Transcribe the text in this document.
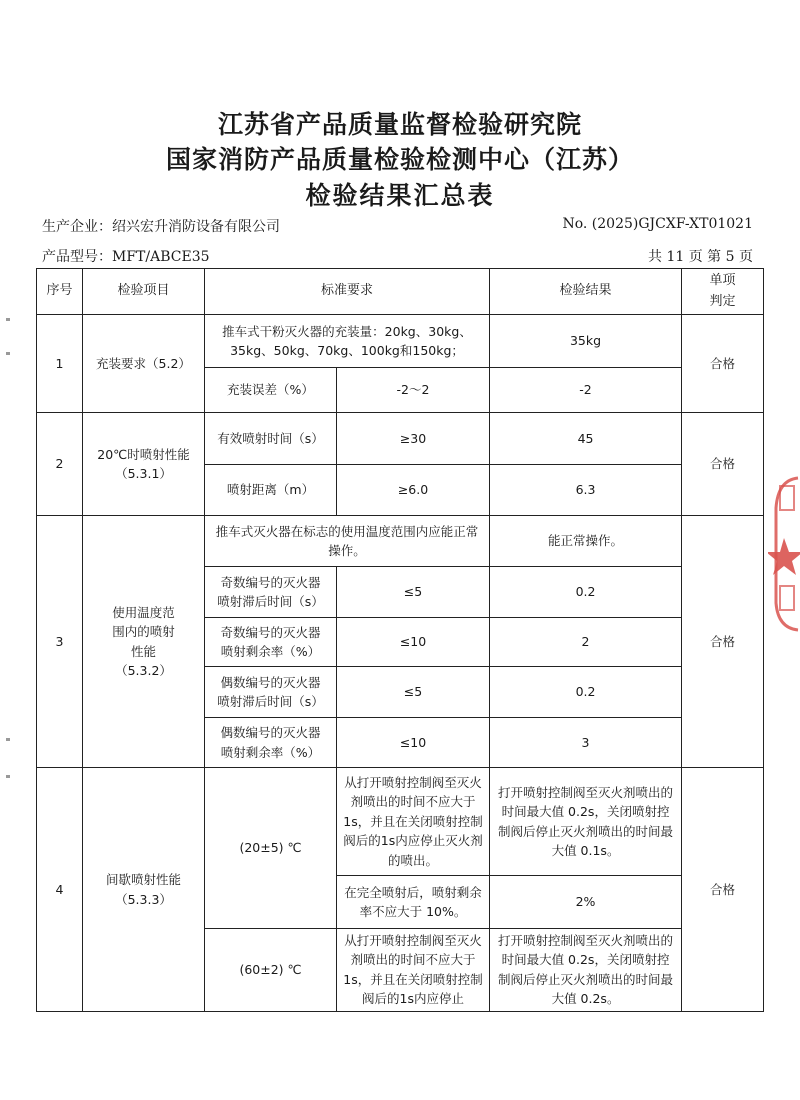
江苏省产品质量监督检验研究院
国家消防产品质量检验检测中心（江苏）
检验结果汇总表
生产企业：绍兴宏升消防设备有限公司	No. (2025)GJCXF-XT01021
产品型号：MFT/ABCE35	共 11 页 第 5 页
序号	检验项目	标准要求		检验结果	单项判定
1	充装要求（5.2）	推车式干粉灭火器的充装量：20kg、30kg、35kg、50kg、70kg、100kg和150kg；		35kg	合格
		充装误差（%）	-2～2	-2	
2	20℃时喷射性能（5.3.1）	有效喷射时间（s）	≥30	45	合格
		喷射距离（m）	≥6.0	6.3	
3	使用温度范围内的喷射性能（5.3.2）	推车式灭火器在标志的使用温度范围内应能正常操作。		能正常操作。	合格
		奇数编号的灭火器喷射滞后时间（s）	≤5	0.2	
		奇数编号的灭火器喷射剩余率（%）	≤10	2	
		偶数编号的灭火器喷射滞后时间（s）	≤5	0.2	
		偶数编号的灭火器喷射剩余率（%）	≤10	3	
4	间歇喷射性能（5.3.3）	(20±5) ℃	从打开喷射控制阀至灭火剂喷出的时间不应大于 1s，并且在关闭喷射控制阀后的1s内应停止灭火剂的喷出。	打开喷射控制阀至灭火剂喷出的时间最大值 0.2s，关闭喷射控制阀后停止灭火剂喷出的时间最大值 0.1s。	合格
			在完全喷射后，喷射剩余率不应大于 10%。	2%	
		(60±2) ℃	从打开喷射控制阀至灭火剂喷出的时间不应大于 1s，并且在关闭喷射控制阀后的1s内应停止	打开喷射控制阀至灭火剂喷出的时间最大值 0.2s，关闭喷射控制阀后停止灭火剂喷出的时间最大值 0.2s。	
